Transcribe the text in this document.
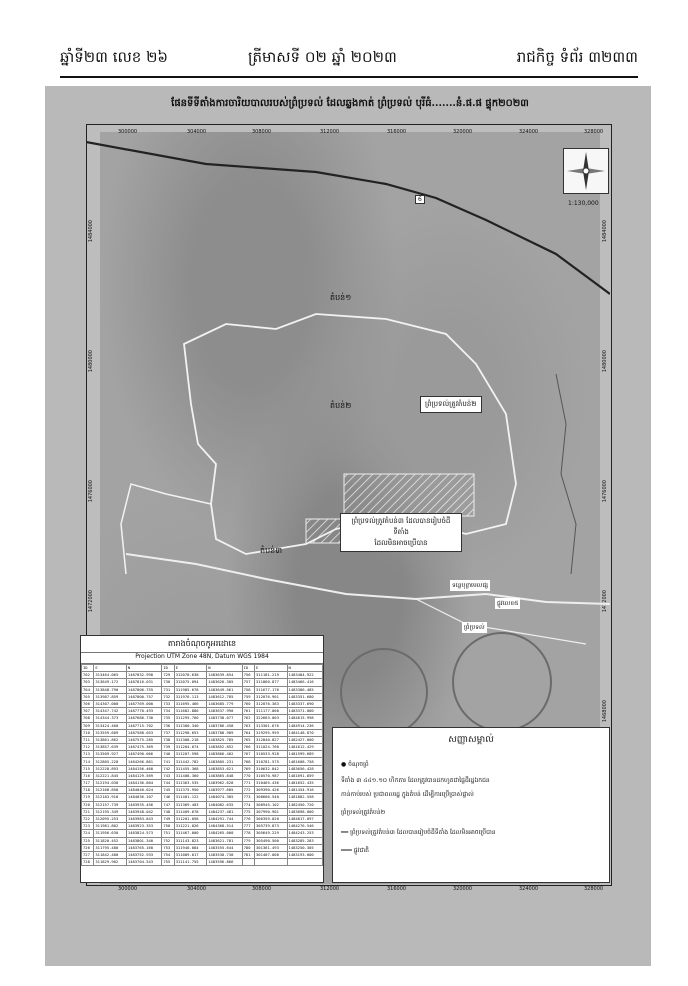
ឆ្នាំទី២៣ លេខ ២៦	ត្រីមាសទី ០២ ឆ្នាំ ២០២៣	រាជកិច្ច ទំព័រ ៣២៣៣
ផែនទីទីតាំងការចារិយបាលរបស់ព្រំប្រទល់ ដែលឆ្លងកាត់ ព្រំប្រទល់ បុរីធំ.......នំ.ផ.ផ ផ្ទុក២០២៣
300000	304000	308000	312000	316000	320000	324000	328000
300000	304000	308000	312000	316000	320000	324000	328000
1484000
1480000
1476000
1472000
1484000
1480000
1476000
1472000
1468000
តំបន់១
តំបន់២
តំបន់៣
6
ព្រំប្រទល់ត្រូវតំបន់២
ព្រំប្រទល់ត្រូវតំបន់៣ ដែលបានរៀបចំដីទីតាំង
ដែលមិនអាចប្រើបាន
ទន្លេបុខ្លាមេលផ្ស
ផ្លូវលេខ៥
ព្រំប្រទល់
1:130,000
តារាងចំណុចកូអរដោនេ
Projection UTM Zone 48N, Datum WGS 1984
ID	E	N	ID	E	N	ID	E	N
702	313464.065	1487832.998	729	312078.638	1483639.854	756	311181.219	1483484.922
703	313649.172	1487816.031	730	312075.094	1483626.305	757	311860.877	1483466.416
704	313848.790	1487806.755	731	311985.678	1483649.561	758	311677.176	1483386.485
705	313987.859	1487800.757	732	311976.113	1483612.785	759	312076.901	1483351.680
706	314307.000	1487769.000	733	311695.466	1483685.779	760	312076.383	1483337.690
707	314347.742	1487770.493	734	311682.880	1483637.990	761	311177.000	1483371.000
708	314344.373	1487686.730	735	311295.760	1483738.077	762	322663.003	1484615.998
709	313424.460	1487715.702	736	311300.340	1483786.458	763	313301.676	1484914.236
710	313559.609	1487588.053	737	311298.653	1483788.989	764	319295.959	1484148.870
711	313861.862	1487575.285	738	311308.218	1483825.785	765	312840.827	1482427.000
712	313857.639	1487475.369	739	311204.074	1483852.852	766	311024.760	1481612.429
713	313509.927	1487490.066	740	311207.598	1483866.402	767	310533.928	1481599.689
714	312805.228	1484266.861	741	311442.782	1483805.231	768	310781.575	1481608.758
715	312228.893	1484156.460	742	311455.368	1483853.621	769	310632.842	1483656.428
716	312221.845	1484129.569	743	311408.360	1483865.848	770	310570.987	1481691.859
717	312194.030	1484136.804	744	311363.535	1483962.628	771	310465.436	1481652.435
718	312168.858	1484040.024	745	311375.950	1483977.685	772	309390.426	1481454.916
719	312183.918	1484036.107	746	311401.122	1484074.385	773	308666.540	1481882.558
720	312157.739	1483935.456	747	311369.403	1484082.635	774	308945.102	1482450.720
721	312195.349	1483948.042	748	311409.678	1484237.481	775	307990.901	1483098.000
722	312095.253	1483983.843	749	311201.058	1484291.744	776	306359.020	1484817.097
723	311981.802	1483923.353	750	311221.026	1484368.514	777	305739.873	1484276.546
724	311956.630	1483824.573	751	311467.000	1484265.000	778	305649.229	1484243.253
725	311820.452	1483801.340	752	311143.823	1483621.781	779	305490.500	1483285.283
726	311795.480	1483765.160	753	311940.084	1483555.644	780	301361.493	1483250.305
727	311842.480	1483752.933	754	311089.017	1483530.730	781	301407.000	1483193.000
728	311829.902	1483704.543	755	311141.755	1483596.866			
សញ្ញាសម្គាល់
● ចំណុចព្រំ
ទីតាំង ៣ ៤៤១.១០ ហិកតារ ដែលត្រូវបានដកហូតជាផ្ទៃដីរដ្ឋឯកជន
កាន់កាប់របស់ ប្រជាពលរដ្ឋ ក្នុងតំបន់ ដើម្បីការប្រើប្រាស់ផ្ទាល់
ព្រំប្រទល់ត្រូវតំបន់២
━━ ព្រំប្រទល់ត្រូវតំបន់៣ ដែលបានរៀបចំដីទីតាំង ដែលមិនអាចប្រើបាន
═══ ផ្លូវជាតិ
